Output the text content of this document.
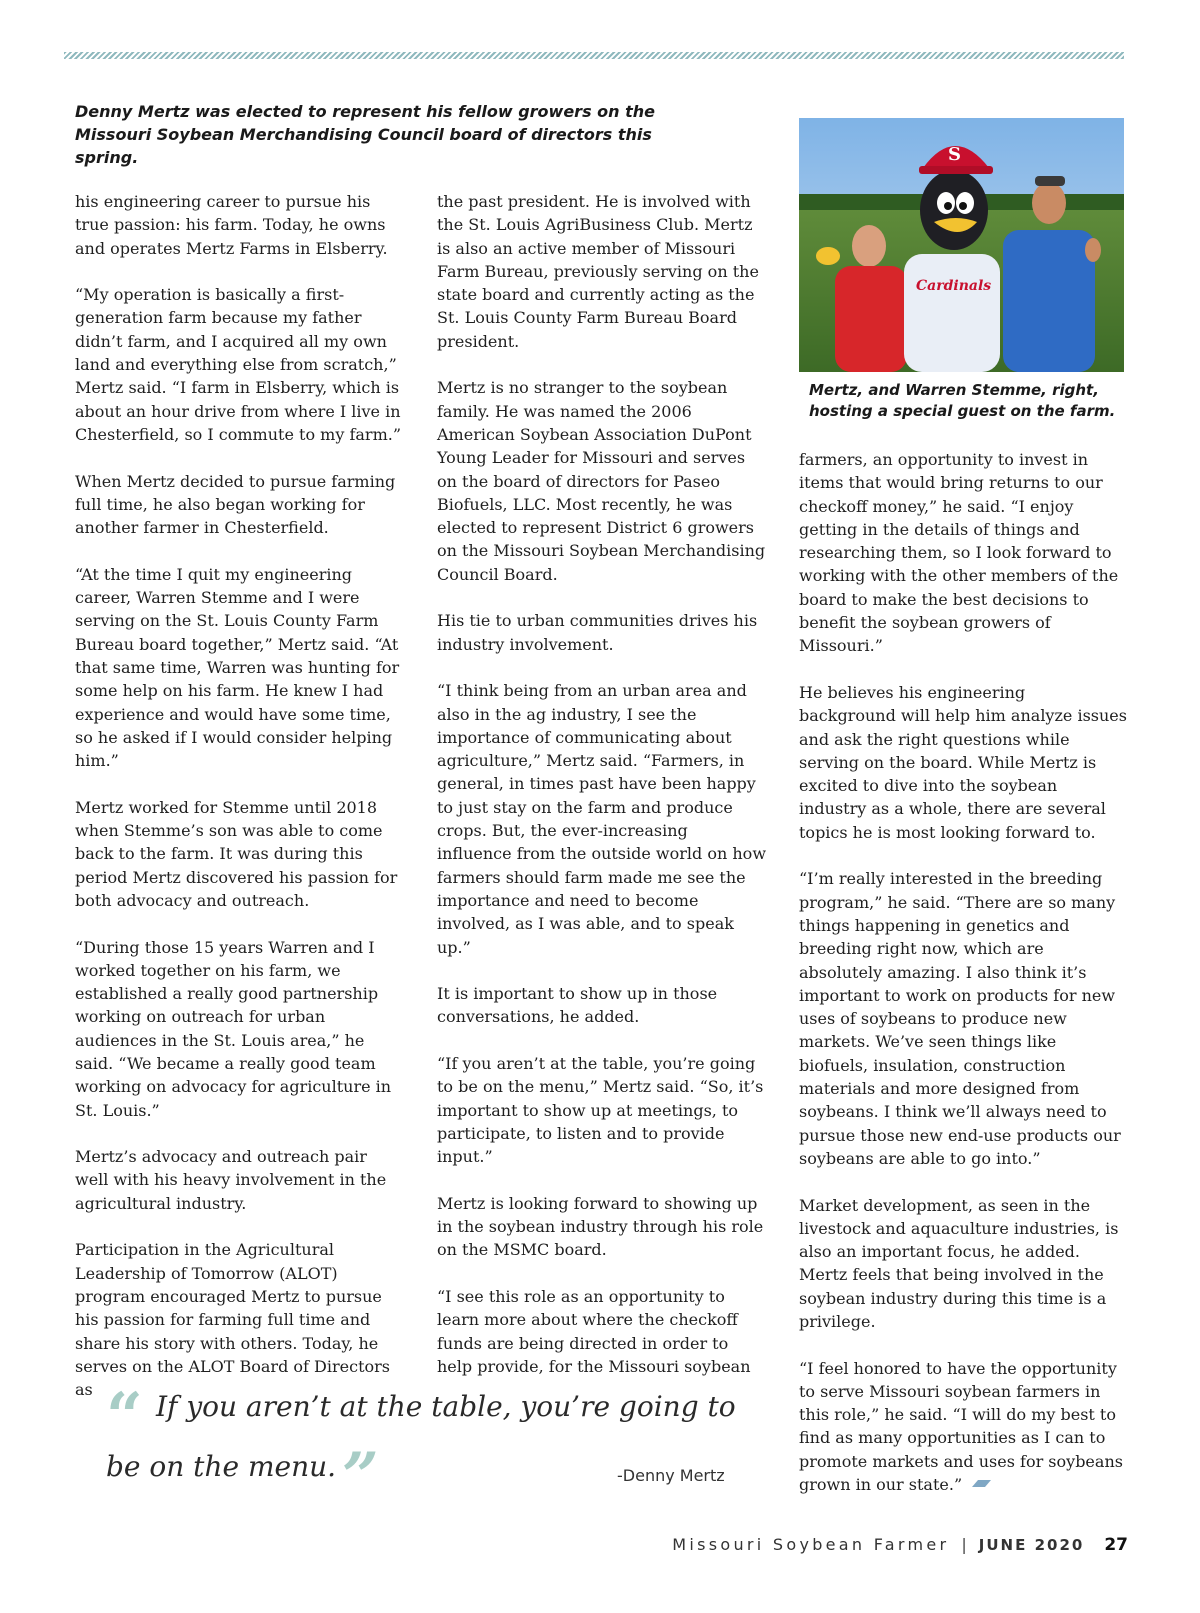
Denny Mertz was elected to represent his fellow growers on the Missouri Soybean Merchandising Council board of directors this spring.
Cardinals
S
Mertz, and Warren Stemme, right, hosting a special guest on the farm.

his engineering career to pursue his true passion: his farm. Today, he owns and operates Mertz Farms in Elsberry.

“My operation is basically a first-generation farm because my father didn’t farm, and I acquired all my own land and everything else from scratch,” Mertz said. “I farm in Elsberry, which is about an hour drive from where I live in Chesterfield, so I commute to my farm.”

When Mertz decided to pursue farming full time, he also began working for another farmer in Chesterfield.

“At the time I quit my engineering career, Warren Stemme and I were serving on the St. Louis County Farm Bureau board together,” Mertz said. “At that same time, Warren was hunting for some help on his farm. He knew I had experience and would have some time, so he asked if I would consider helping him.”

Mertz worked for Stemme until 2018 when Stemme’s son was able to come back to the farm. It was during this period Mertz discovered his passion for both advocacy and outreach.

“During those 15 years Warren and I worked together on his farm, we established a really good partnership working on outreach for urban audiences in the St. Louis area,” he said. “We became a really good team working on advocacy for agriculture in St. Louis.”

Mertz’s advocacy and outreach pair well with his heavy involvement in the agricultural industry.

Participation in the Agricultural Leadership of Tomorrow (ALOT) program encouraged Mertz to pursue his passion for farming full time and share his story with others. Today, he serves on the ALOT Board of Directors as

the past president. He is involved with the St. Louis AgriBusiness Club. Mertz is also an active member of Missouri Farm Bureau, previously serving on the state board and currently acting as the St. Louis County Farm Bureau Board president.

Mertz is no stranger to the soybean family. He was named the 2006 American Soybean Association DuPont Young Leader for Missouri and serves on the board of directors for Paseo Biofuels, LLC. Most recently, he was elected to represent District 6 growers on the Missouri Soybean Merchandising Council Board.

His tie to urban communities drives his industry involvement.

“I think being from an urban area and also in the ag industry, I see the importance of communicating about agriculture,” Mertz said. “Farmers, in general, in times past have been happy to just stay on the farm and produce crops. But, the ever-increasing influence from the outside world on how farmers should farm made me see the importance and need to become involved, as I was able, and to speak up.”

It is important to show up in those conversations, he added.

“If you aren’t at the table, you’re going to be on the menu,” Mertz said. “So, it’s important to show up at meetings, to participate, to listen and to provide input.”

Mertz is looking forward to showing up in the soybean industry through his role on the MSMC board.

“I see this role as an opportunity to learn more about where the checkoff funds are being directed in order to help provide, for the Missouri soybean

farmers, an opportunity to invest in items that would bring returns to our checkoff money,” he said. “I enjoy getting in the details of things and researching them, so I look forward to working with the other members of the board to make the best decisions to benefit the soybean growers of Missouri.”

He believes his engineering background will help him analyze issues and ask the right questions while serving on the board. While Mertz is excited to dive into the soybean industry as a whole, there are several topics he is most looking forward to.

“I’m really interested in the breeding program,” he said. “There are so many things happening in genetics and breeding right now, which are absolutely amazing. I also think it’s important to work on products for new uses of soybeans to produce new markets. We’ve seen things like biofuels, insulation, construction materials and more designed from soybeans. I think we’ll always need to pursue those new end-use products our soybeans are able to go into.”

Market development, as seen in the livestock and aquaculture industries, is also an important focus, he added. Mertz feels that being involved in the soybean industry during this time is a privilege.

“I feel honored to have the opportunity to serve Missouri soybean farmers in this role,” he said. “I will do my best to find as many opportunities as I can to promote markets and uses for soybeans grown in our state.”

“ If you aren’t at the table, you’re going to be on the menu.”	-Denny Mertz
Missouri Soybean Farmer | JUNE 2020 27
